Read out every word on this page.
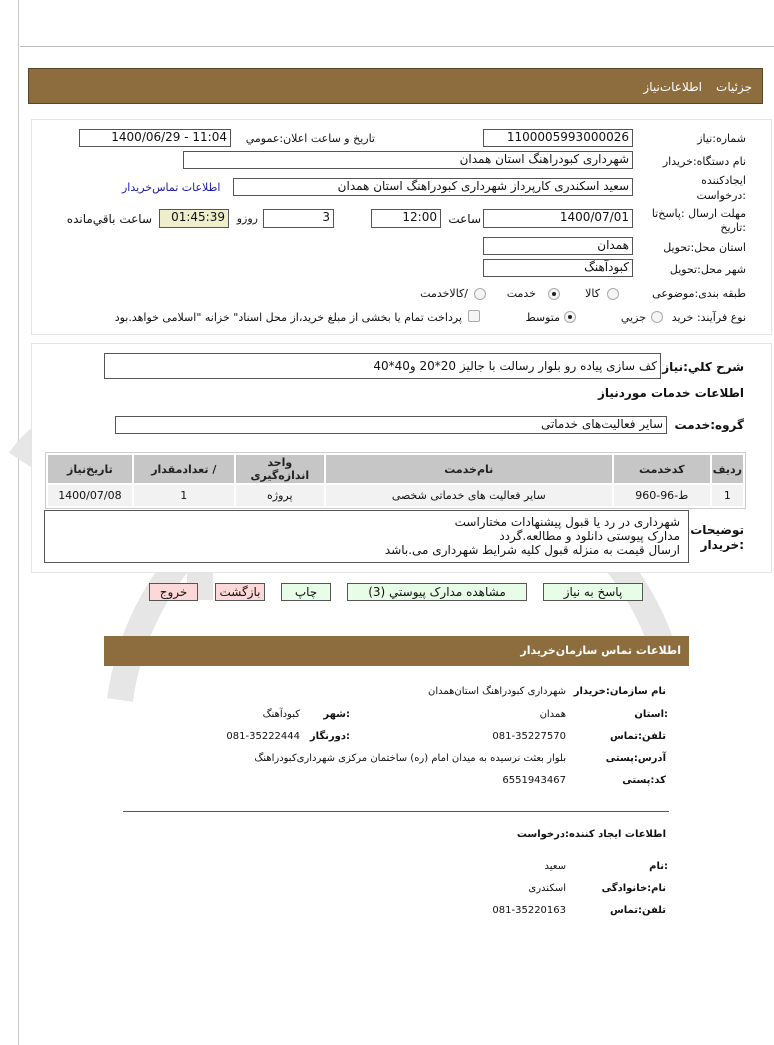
جزئیات
اطلاعات‌نیاز
شماره:نیاز
1100005993000026
تاریخ و ساعت اعلان:عمومي
1400/06/29 - 11:04
نام دستگاه:خریدار
شهرداری کبودراهنگ استان همدان
ایجادکننده
:درخواست
سعید اسکندری کارپرداز شهرداری کبودراهنگ استان همدان
اطلاعات تماس‌خریدار
مهلت ارسال :پاسخ‌تا
:تاریخ
1400/07/01
ساعت
12:00
3
روزو
01:45:39
ساعت باقي‌مانده
استان محل:تحویل
همدان
شهر محل:تحویل
کبودآهنگ
طبقه بندی:موضوعی
کالا
خدمت
/کالاخدمت
نوع فرآیند: خرید
جزیي
متوسط
پرداخت تمام یا بخشی از مبلغ خرید،از محل اسناد" خزانه "اسلامی خواهد.بود
شرح کلي:نیاز
کف سازی پیاده رو بلوار رسالت با جالیز 20*20 و40*40
اطلاعات خدمات موردنیاز
گروه:خدمت
سایر فعالیت‌های خدماتی
ردیف	کدخدمت	نام‌خدمت	واحد اندازه‌گیری	/ تعدادمقدار	تاریخ‌نیاز
1	ط-96-960	سایر فعالیت های خدماتی شخصی	پروژه	1	1400/07/08
توضیحات
:خریدار
شهرداری در رد یا قبول پیشنهادات مختاراست
مدارک پیوستی دانلود و مطالعه.گردد
ارسال قیمت به منزله قبول کلیه شرایط شهرداری می.باشد
پاسخ به نیاز
مشاهده مدارک پیوستي (3)
چاپ
بازگشت
خروج
اطلاعات تماس سازمان‌خریدار
نام سازمان:خریدار
شهرداری کبودراهنگ استان‌همدان
:استان
همدان
:شهر
کبودآهنگ
تلفن:تماس
081-35227570
:دورنگار
081-35222444
آدرس:پستی
بلوار بعثت نرسیده به میدان امام (ره) ساختمان مرکزی شهرداری‌کبودراهنگ
کد:پستی
6551943467
اطلاعات ایجاد کننده:درخواست
:نام
سعید
نام:خانوادگی
اسکندری
تلفن:تماس
081-35220163
